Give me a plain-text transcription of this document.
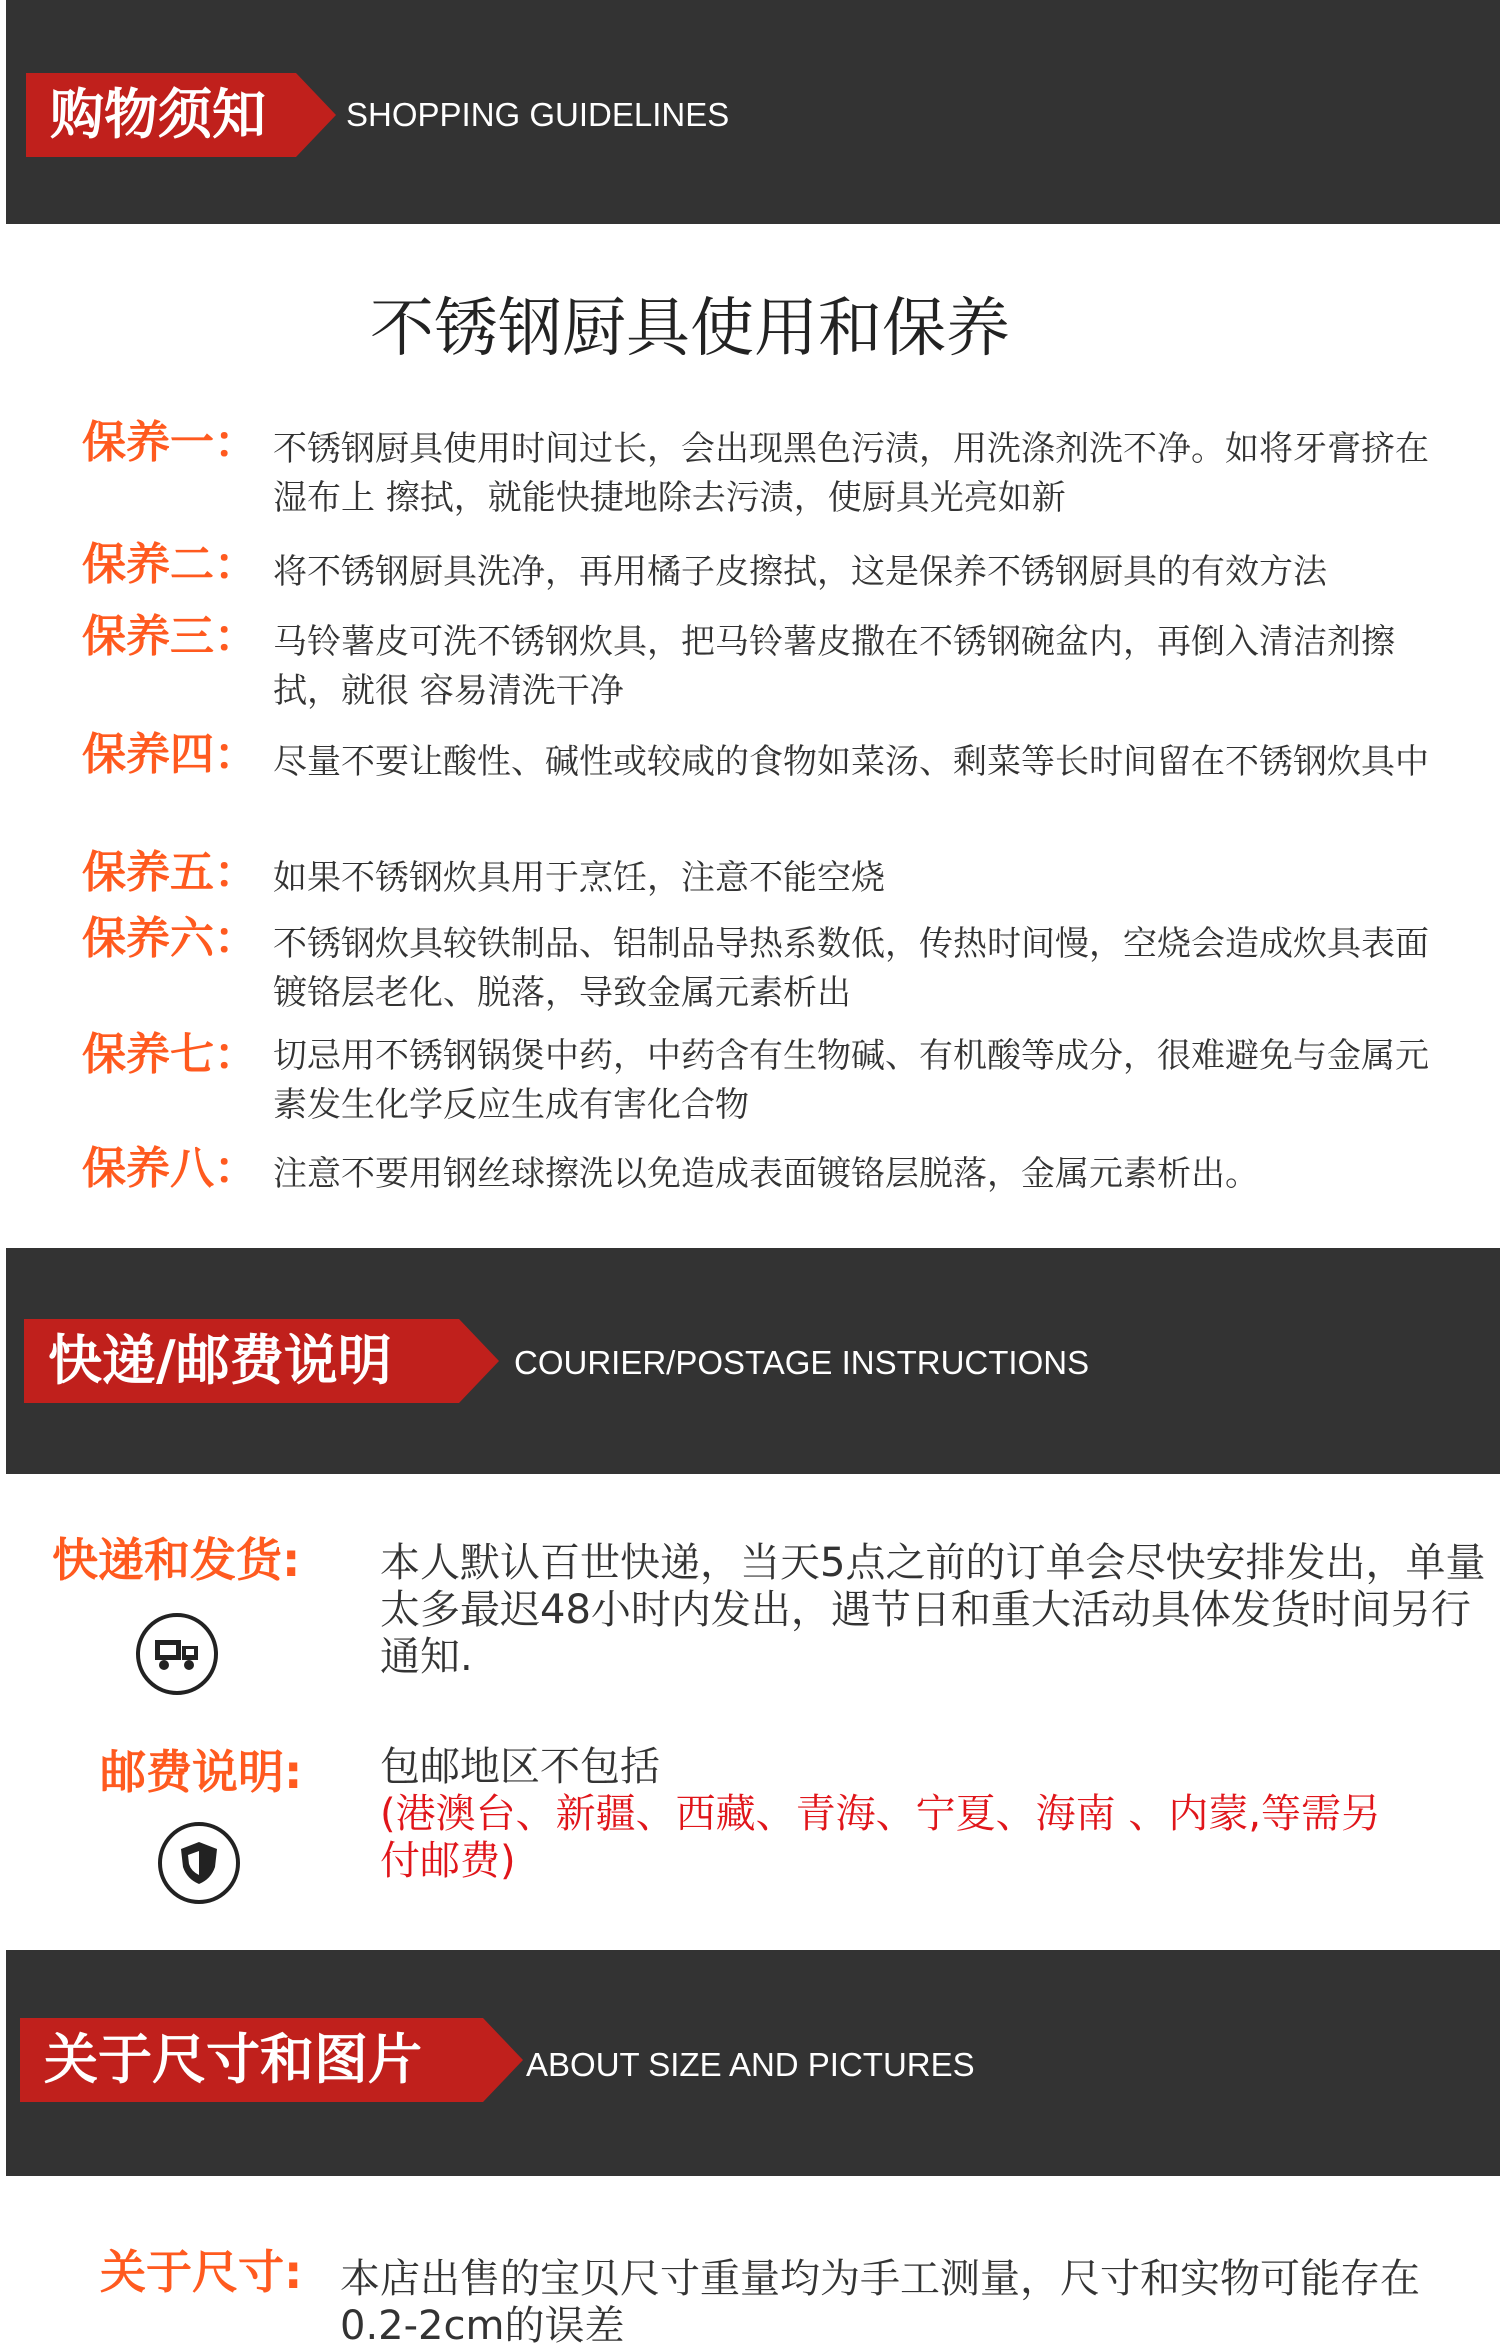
购物须知	SHOPPING GUIDELINES
不锈钢厨具使用和保养
保养一： 不锈钢厨具使用时间过长，会出现黑色污渍，用洗涤剂洗不净。如将牙膏挤在湿布上 擦拭，就能快捷地除去污渍，使厨具光亮如新
保养二： 将不锈钢厨具洗净，再用橘子皮擦拭，这是保养不锈钢厨具的有效方法
保养三： 马铃薯皮可洗不锈钢炊具，把马铃薯皮撒在不锈钢碗盆内，再倒入清洁剂擦拭，就很 容易清洗干净
保养四： 尽量不要让酸性、碱性或较咸的食物如菜汤、剩菜等长时间留在不锈钢炊具中
保养五： 如果不锈钢炊具用于烹饪，注意不能空烧
保养六： 不锈钢炊具较铁制品、铝制品导热系数低，传热时间慢，空烧会造成炊具表面镀铬层老化、脱落，导致金属元素析出
保养七： 切忌用不锈钢锅煲中药，中药含有生物碱、有机酸等成分，很难避免与金属元素发生化学反应生成有害化合物
保养八： 注意不要用钢丝球擦洗以免造成表面镀铬层脱落，金属元素析出。
快递/邮费说明	COURIER/POSTAGE INSTRUCTIONS
快递和发货: 本人默认百世快递，当天5点之前的订单会尽快安排发出，单量太多最迟48小时内发出，遇节日和重大活动具体发货时间另行通知.
邮费说明: 包邮地区不包括
(港澳台、新疆、西藏、青海、宁夏、海南 、内蒙,等需另付邮费)
关于尺寸和图片	ABOUT SIZE AND PICTURES
关于尺寸: 本店出售的宝贝尺寸重量均为手工测量，尺寸和实物可能存在0.2-2cm的误差
